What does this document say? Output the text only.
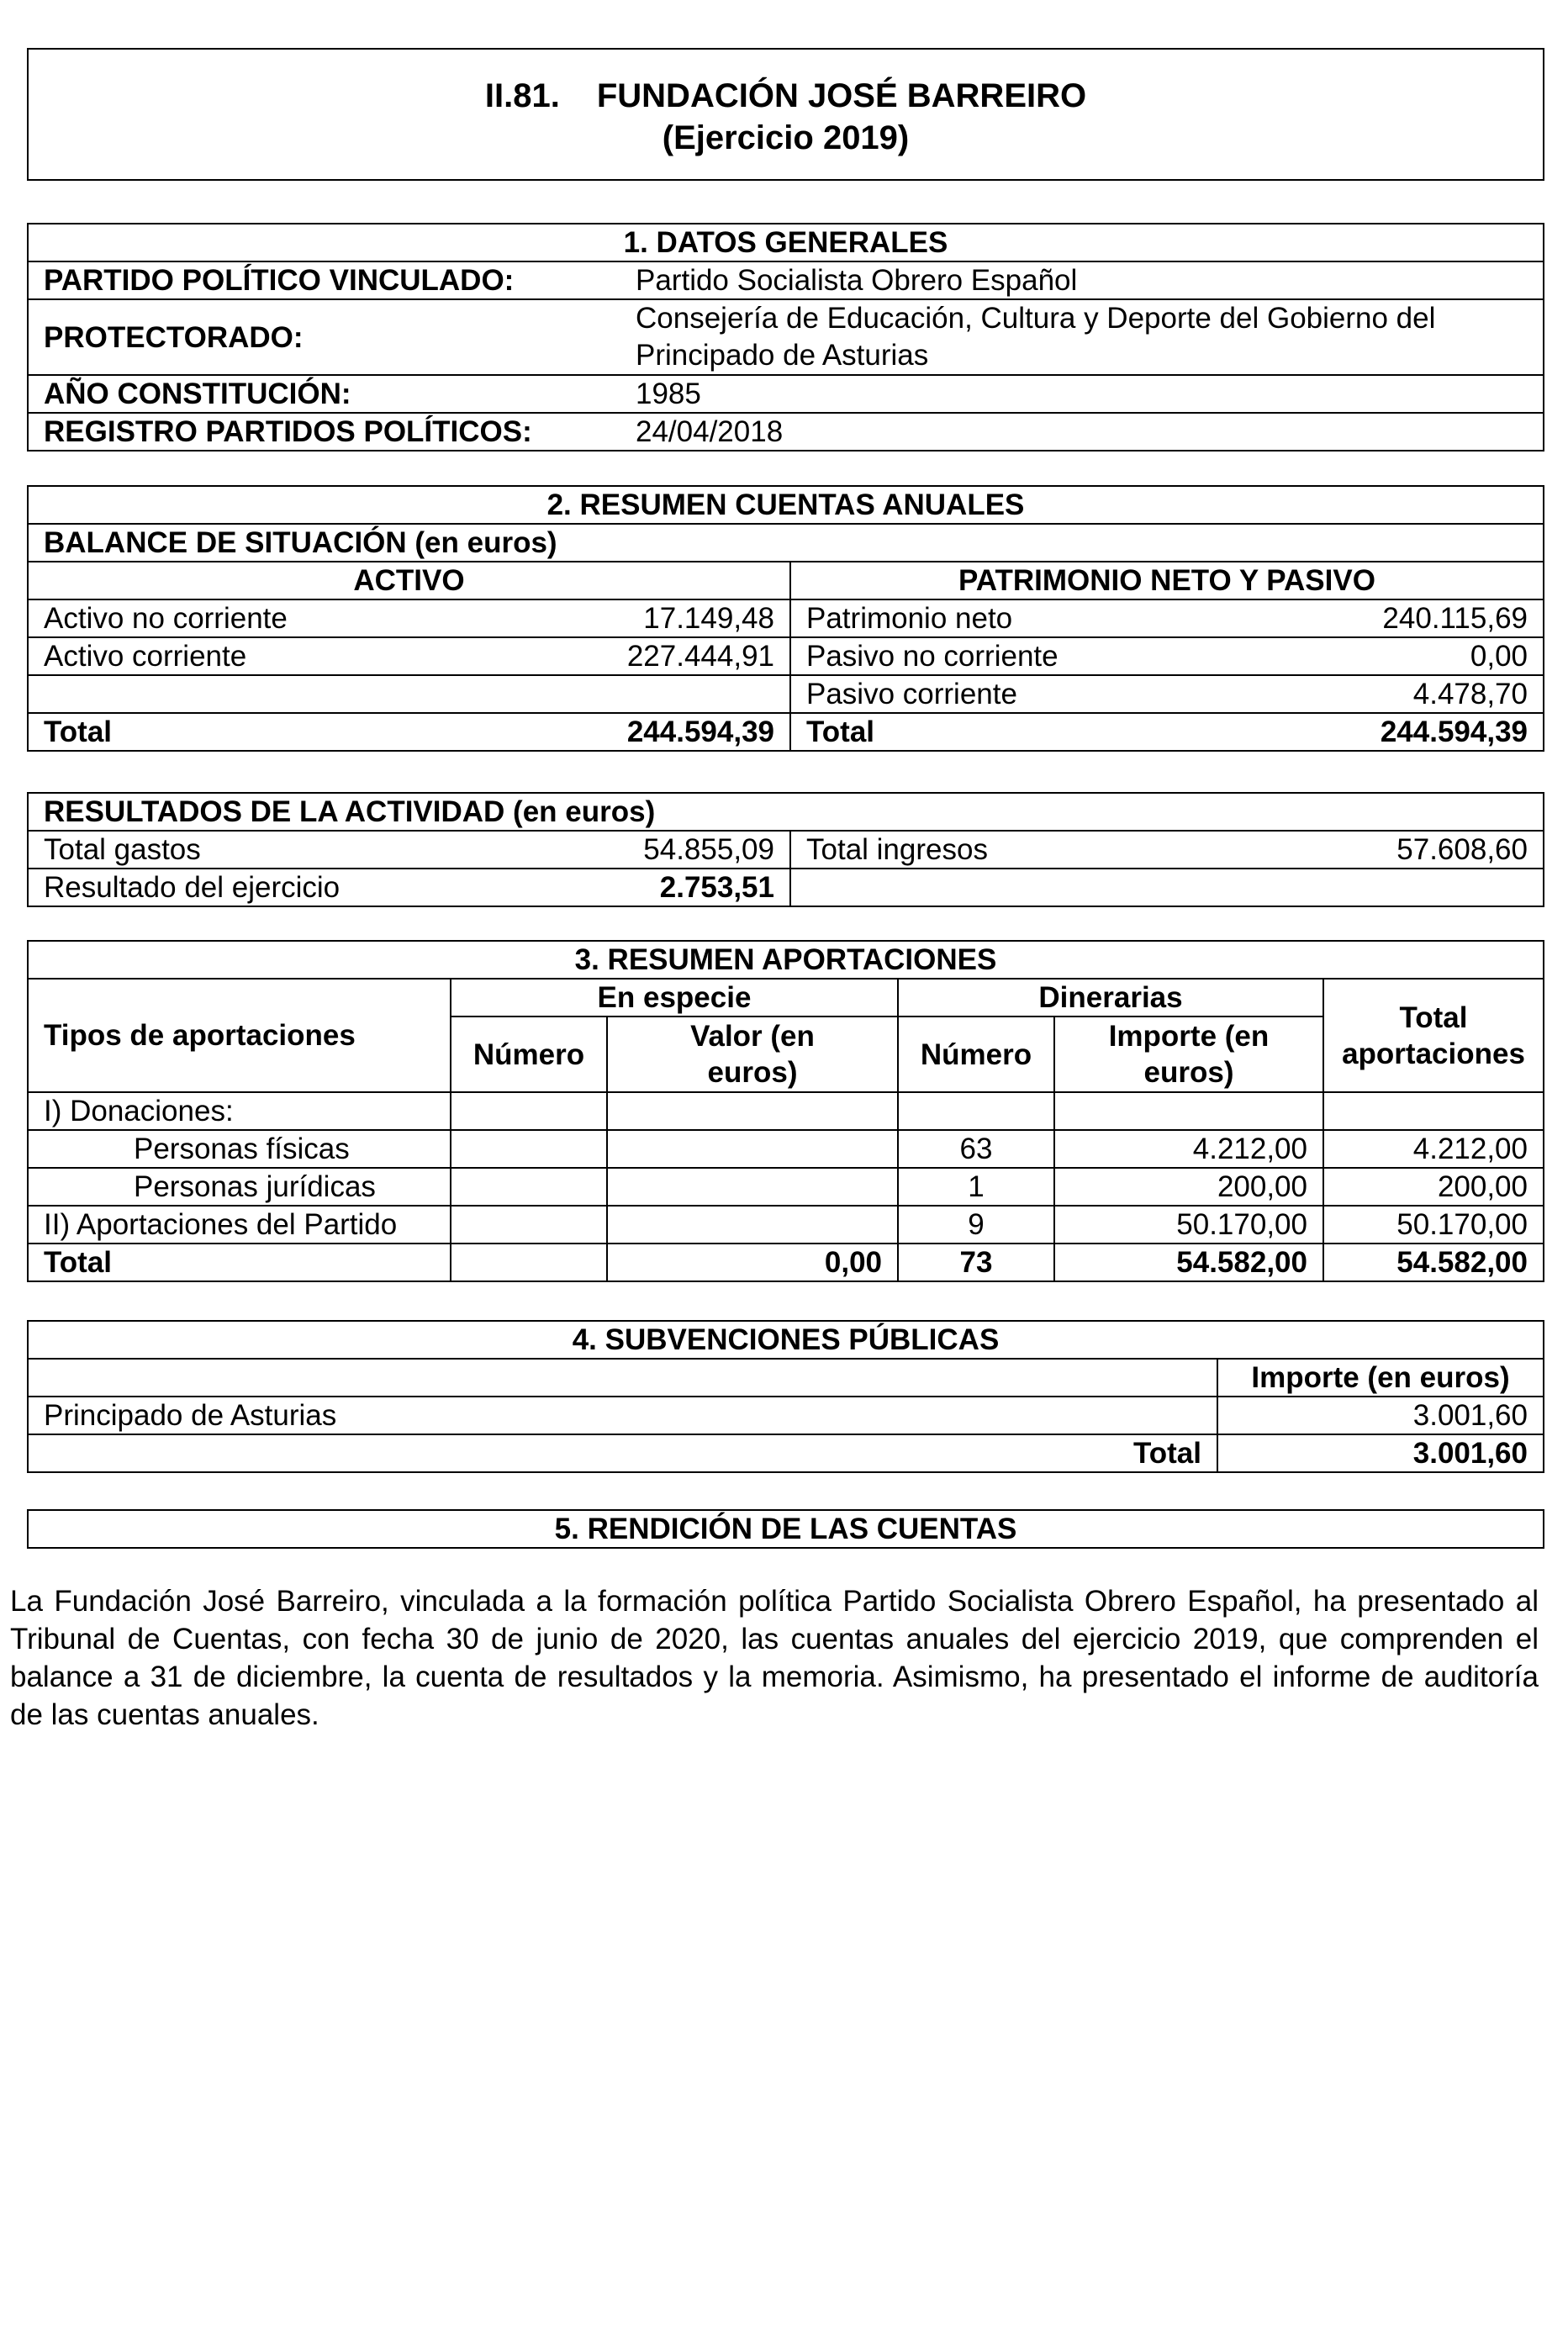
II.81. FUNDACIÓN JOSÉ BARREIRO
(Ejercicio 2019)
1. DATOS GENERALES	
PARTIDO POLÍTICO VINCULADO:	Partido Socialista Obrero Español
PROTECTORADO:	Consejería de Educación, Cultura y Deporte del Gobierno del Principado de Asturias
AÑO CONSTITUCIÓN:	1985
REGISTRO PARTIDOS POLÍTICOS:	24/04/2018
2. RESUMEN CUENTAS ANUALES			
BALANCE DE SITUACIÓN (en euros)			
ACTIVO		PATRIMONIO NETO Y PASIVO	
Activo no corriente	17.149,48	Patrimonio neto	240.115,69
Activo corriente	227.444,91	Pasivo no corriente	0,00
		Pasivo corriente	4.478,70
Total	244.594,39	Total	244.594,39
RESULTADOS DE LA ACTIVIDAD (en euros)			
Total gastos	54.855,09	Total ingresos	57.608,60
Resultado del ejercicio	2.753,51		
3. RESUMEN APORTACIONES					
Tipos de aportaciones	En especie		Dinerarias		Total aportaciones
	Número	Valor (en euros)	Número	Importe (en euros)	
I) Donaciones:					
Personas físicas			63	4.212,00	4.212,00
Personas jurídicas			1	200,00	200,00
II) Aportaciones del Partido			9	50.170,00	50.170,00
Total		0,00	73	54.582,00	54.582,00
4. SUBVENCIONES PÚBLICAS	
	Importe (en euros)
Principado de Asturias	3.001,60
Total	3.001,60
5. RENDICIÓN DE LAS CUENTAS
La Fundación José Barreiro, vinculada a la formación política Partido Socialista Obrero Español, ha presentado al Tribunal de Cuentas, con fecha 30 de junio de 2020, las cuentas anuales del ejercicio 2019, que comprenden el balance a 31 de diciembre, la cuenta de resultados y la memoria. Asimismo, ha presentado el informe de auditoría de las cuentas anuales.
